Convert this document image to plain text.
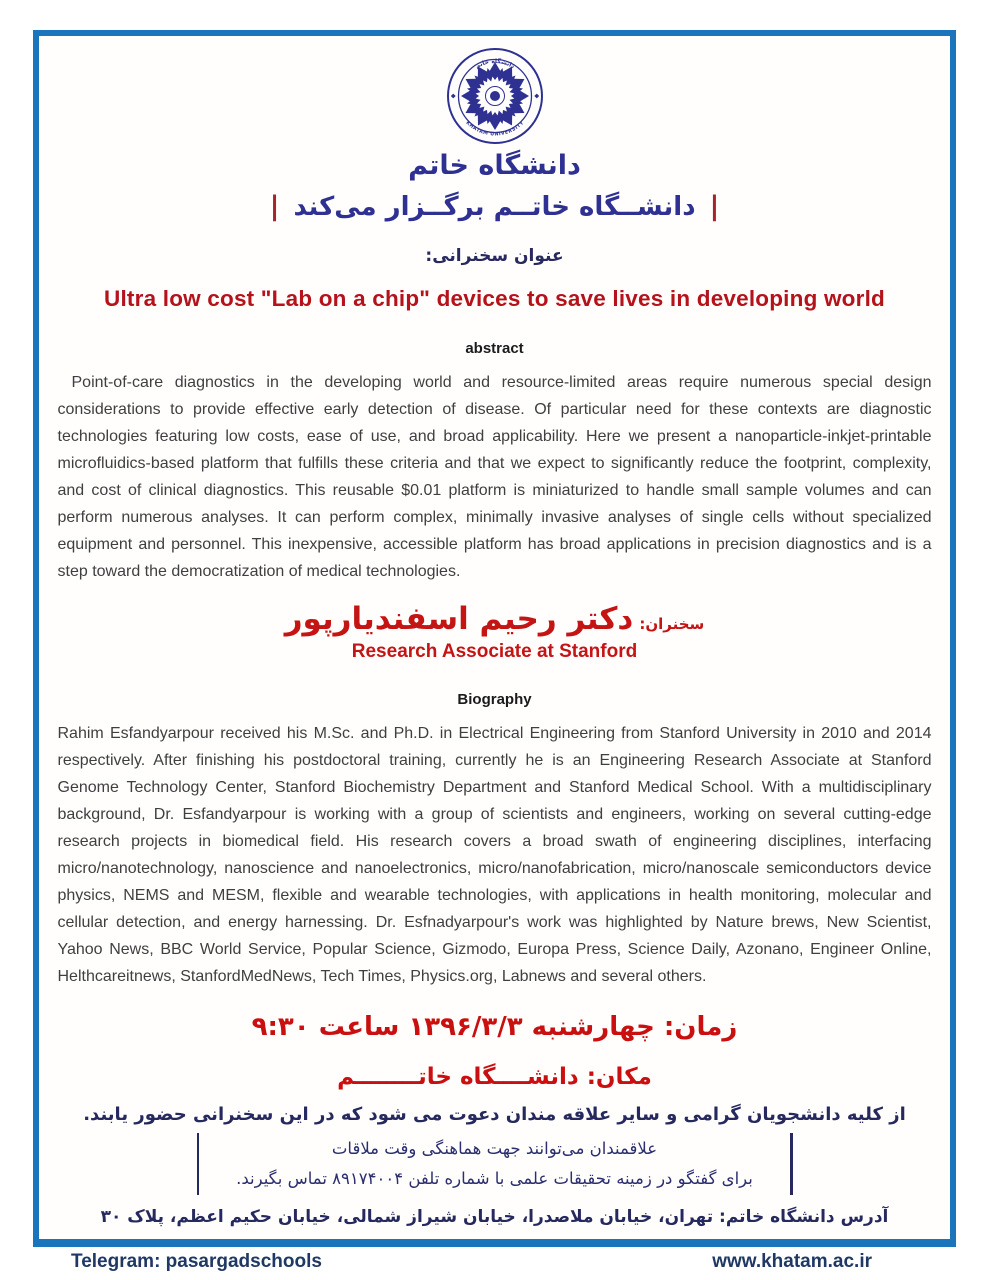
دانشگاه خاتم
KHATAM UNIVERSITY
دانشگاه خاتم
|
دانشــگاه خاتــم برگــزار می‌کند
|
عنوان سخنرانی:
Ultra low cost "Lab on a chip" devices to save lives in developing world
abstract
Point-of-care diagnostics in the developing world and resource-limited areas require numerous special design considerations to provide effective early detection of disease. Of particular need for these contexts are diagnostic technologies featuring low costs, ease of use, and broad applicability. Here we present a nanoparticle-inkjet-printable microfluidics-based platform that fulfills these criteria and that we expect to significantly reduce the footprint, complexity, and cost of clinical diagnostics. This reusable $0.01 platform is miniaturized to handle small sample volumes and can perform numerous analyses. It can perform complex, minimally invasive analyses of single cells without specialized equipment and personnel. This inexpensive, accessible platform has broad applications in precision diagnostics and is a step toward the democratization of medical technologies.
سخنران:
دکتر رحیم اسفندیارپور
Research Associate at Stanford
Biography
Rahim Esfandyarpour received his M.Sc. and Ph.D. in Electrical Engineering from Stanford University in 2010 and 2014 respectively. After finishing his postdoctoral training, currently he is an Engineering Research Associate at Stanford Genome Technology Center, Stanford Biochemistry Department and Stanford Medical School. With a multidisciplinary background, Dr. Esfandyarpour is working with a group of scientists and engineers, working on several cutting-edge research projects in biomedical field. His research covers a broad swath of engineering disciplines, interfacing micro/nanotechnology, nanoscience and nanoelectronics, micro/nanofabrication, micro/nanoscale semiconductors device physics, NEMS and MESM, flexible and wearable technologies, with applications in health monitoring, molecular and cellular detection, and energy harnessing. Dr. Esfnadyarpour's work was highlighted by Nature brews, New Scientist, Yahoo News, BBC World Service, Popular Science, Gizmodo, Europa Press, Science Daily, Azonano, Engineer Online, Helthcareitnews, StanfordMedNews, Tech Times, Physics.org, Labnews and several others.
زمان: چهارشنبه ۱۳۹۶/۳/۳ ساعت ۹:۳۰
مکان: دانشــــگاه خاتــــــــم
از کلیه دانشجویان گرامی و سایر علاقه مندان دعوت می شود که در این سخنرانی حضور یابند.
علاقمندان می‌توانند جهت هماهنگی وقت ملاقات
برای گفتگو در زمینه تحقیقات علمی با شماره تلفن ۸۹۱۷۴۰۰۴ تماس بگیرند.
آدرس دانشگاه خاتم: تهران، خیابان ملاصدرا، خیابان شیراز شمالی، خیابان حکیم اعظم، پلاک ۳۰
Telegram: pasargadschools	www.khatam.ac.ir
